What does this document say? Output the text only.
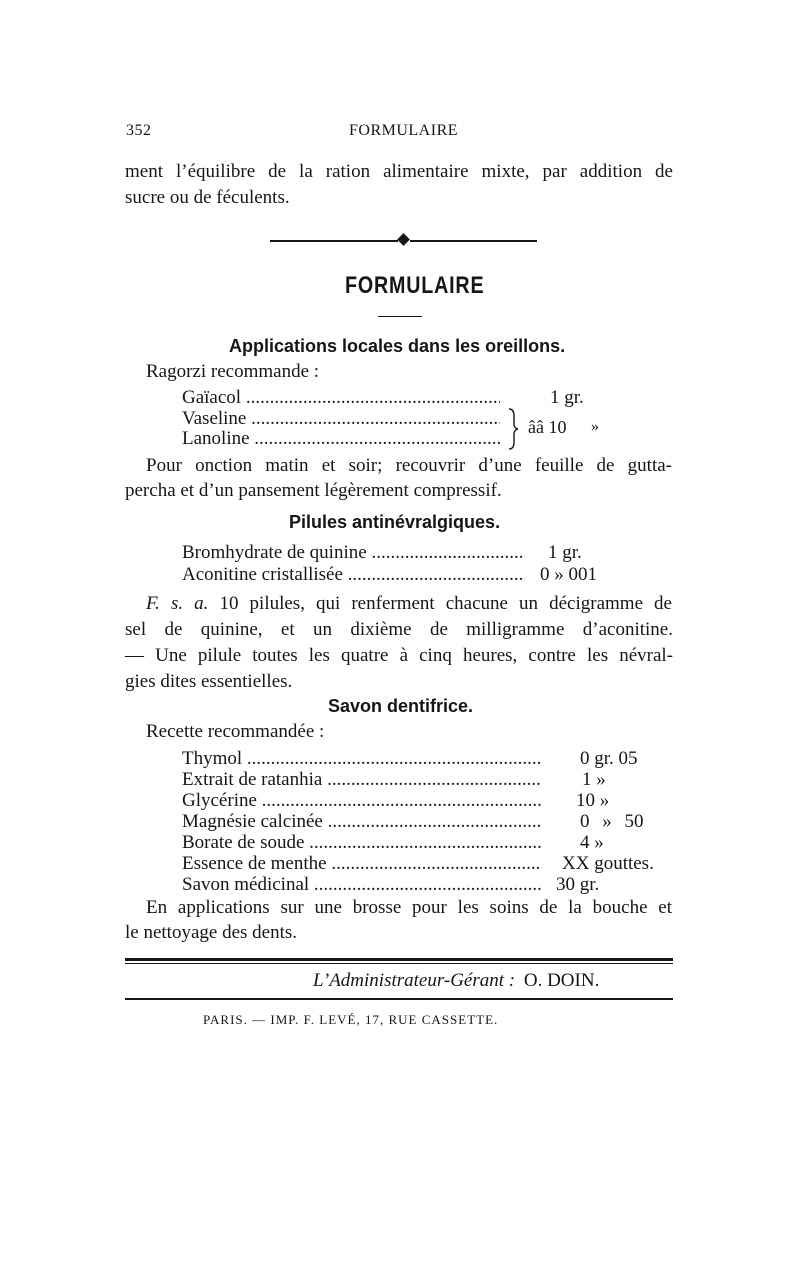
352	FORMULAIRE
ment l’équilibre de la ration alimentaire mixte, par addition de
sucre ou de féculents.
FORMULAIRE
Applications locales dans les oreillons.
Ragorzi recommande :
Gaïacol .....	1 gr.
Vaseline .....
Lanoline .....
ââ 10 »
Pour onction matin et soir; recouvrir d’une feuille de gutta-
percha et d’un pansement légèrement compressif.
Pilules antinévralgiques.
Bromhydrate de quinine .....	1 gr.
Aconitine cristallisée .....	0 » 001
F. s. a. 10 pilules, qui renferment chacune un décigramme de
sel de quinine, et un dixième de milligramme d’aconitine.
— Une pilule toutes les quatre à cinq heures, contre les névral-
gies dites essentielles.
Savon dentifrice.
Recette recommandée :
Thymol .....	0 gr. 05
Extrait de ratanhia .....	1 »
Glycérine .....	10 »
Magnésie calcinée .....	0 » 50
Borate de soude .....	4 »
Essence de menthe .....	XX gouttes.
Savon médicinal .....	30 gr.
En applications sur une brosse pour les soins de la bouche et
le nettoyage des dents.
L’Administrateur-Gérant : O. DOIN.
PARIS. — IMP. F. LEVÉ, 17, RUE CASSETTE.
